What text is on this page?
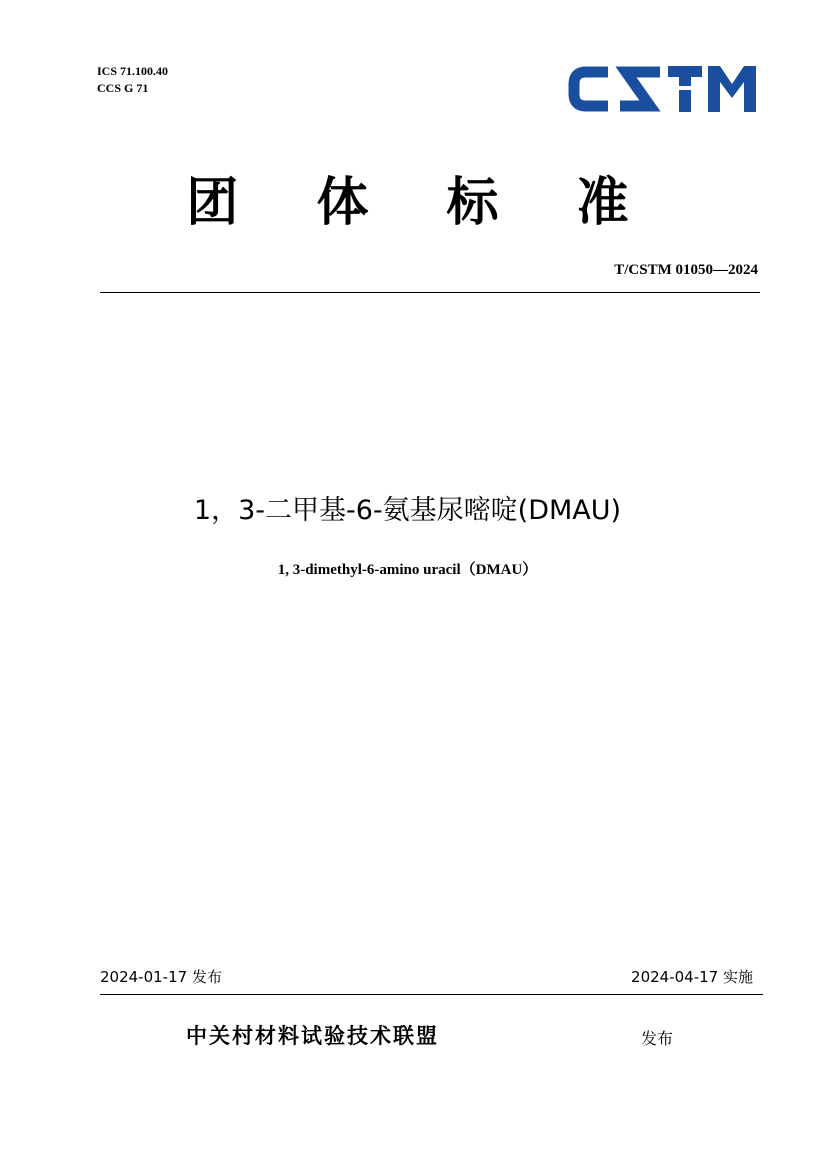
ICS 71.100.40
CCS G 71
团 体 标 准
T/CSTM 01050—2024
1，3-二甲基-6-氨基尿嘧啶(DMAU)
1, 3-dimethyl-6-amino uracil（DMAU）
2024-01-17 发布	2024-04-17 实施
中关村材料试验技术联盟	发布
